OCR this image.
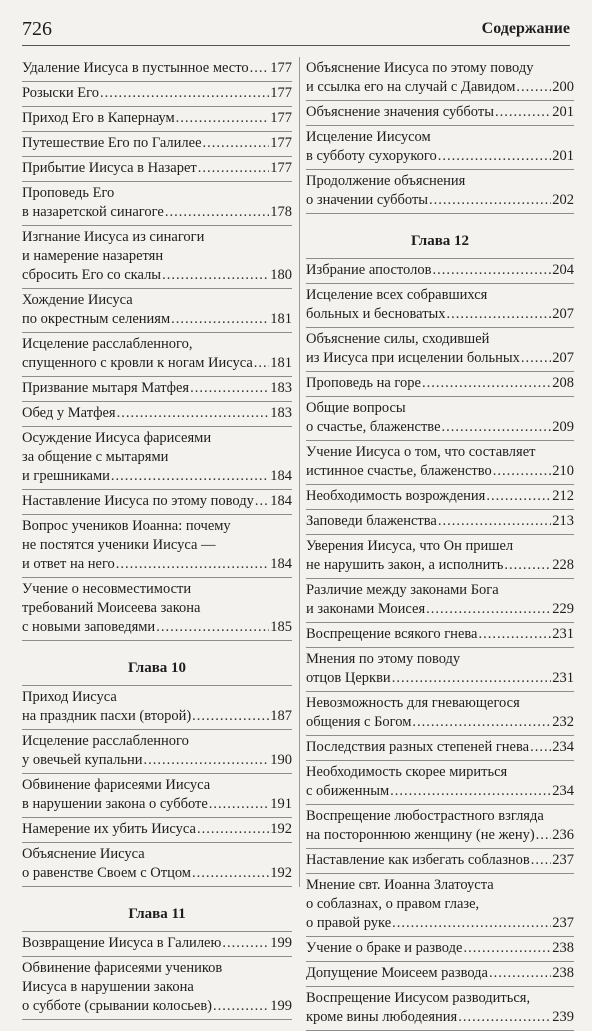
726	Содержание
Удаление Иисуса в пустынное место ..... 177
Розыски Его .....	177
Приход Его в Капернаум .....	177
Путешествие Его по Галилее .....	177
Прибытие Иисуса в Назарет .....	177
Проповедь Его
в назаретской синагоге .....	178
Изгнание Иисуса из синагоги
и намерение назаретян
сбросить Его со скалы .....	180
Хождение Иисуса
по окрестным селениям .....	181
Исцеление расслабленного,
спущенного с кровли к ногам Иисуса ..... 181
Призвание мытаря Матфея .....	183
Обед у Матфея .....	183
Осуждение Иисуса фарисеями
за общение с мытарями
и грешниками .....	184
Наставление Иисуса по этому поводу ..... 184
Вопрос учеников Иоанна: почему
не постятся ученики Иисуса —
и ответ на него .....	184
Учение о несовместимости
требований Моисеева закона
с новыми заповедями .....	185
Глава 10
Приход Иисуса
на праздник пасхи (второй) .....	187
Исцеление расслабленного
у овечьей купальни .....	190
Обвинение фарисеями Иисуса
в нарушении закона о субботе .....	191
Намерение их убить Иисуса .....	192
Объяснение Иисуса
о равенстве Своем с Отцом .....	192
Глава 11
Возвращение Иисуса в Галилею .....	199
Обвинение фарисеями учеников
Иисуса в нарушении закона
о субботе (срывании колосьев) .....	199
Объяснение Иисуса по этому поводу
и ссылка его на случай с Давидом .....	200
Объяснение значения субботы .....	201
Исцеление Иисусом
в субботу сухорукого .....	201
Продолжение объяснения
о значении субботы .....	202
Глава 12
Избрание апостолов .....	204
Исцеление всех собравшихся
больных и бесноватых .....	207
Объяснение силы, сходившей
из Иисуса при исцелении больных ..... 207
Проповедь на горе .....	208
Общие вопросы
о счастье, блаженстве .....	209
Учение Иисуса о том, что составляет
истинное счастье, блаженство .....	210
Необходимость возрождения .....	212
Заповеди блаженства .....	213
Уверения Иисуса, что Он пришел
не нарушить закон, а исполнить .....	228
Различие между законами Бога
и законами Моисея .....	229
Воспрещение всякого гнева .....	231
Мнения по этому поводу
отцов Церкви .....	231
Невозможность для гневающегося
общения с Богом .....	232
Последствия разных степеней гнева ..... 234
Необходимость скорее мириться
с обиженным .....	234
Воспрещение любострастного взгляда
на постороннюю женщину (не жену) ..... 236
Наставление как избегать соблазнов ..... 237
Мнение свт. Иоанна Златоуста
о соблазнах, о правом глазе,
о правой руке .....	237
Учение о браке и разводе .....	238
Допущение Моисеем развода .....	238
Воспрещение Иисусом разводиться,
кроме вины любодеяния .....	239
